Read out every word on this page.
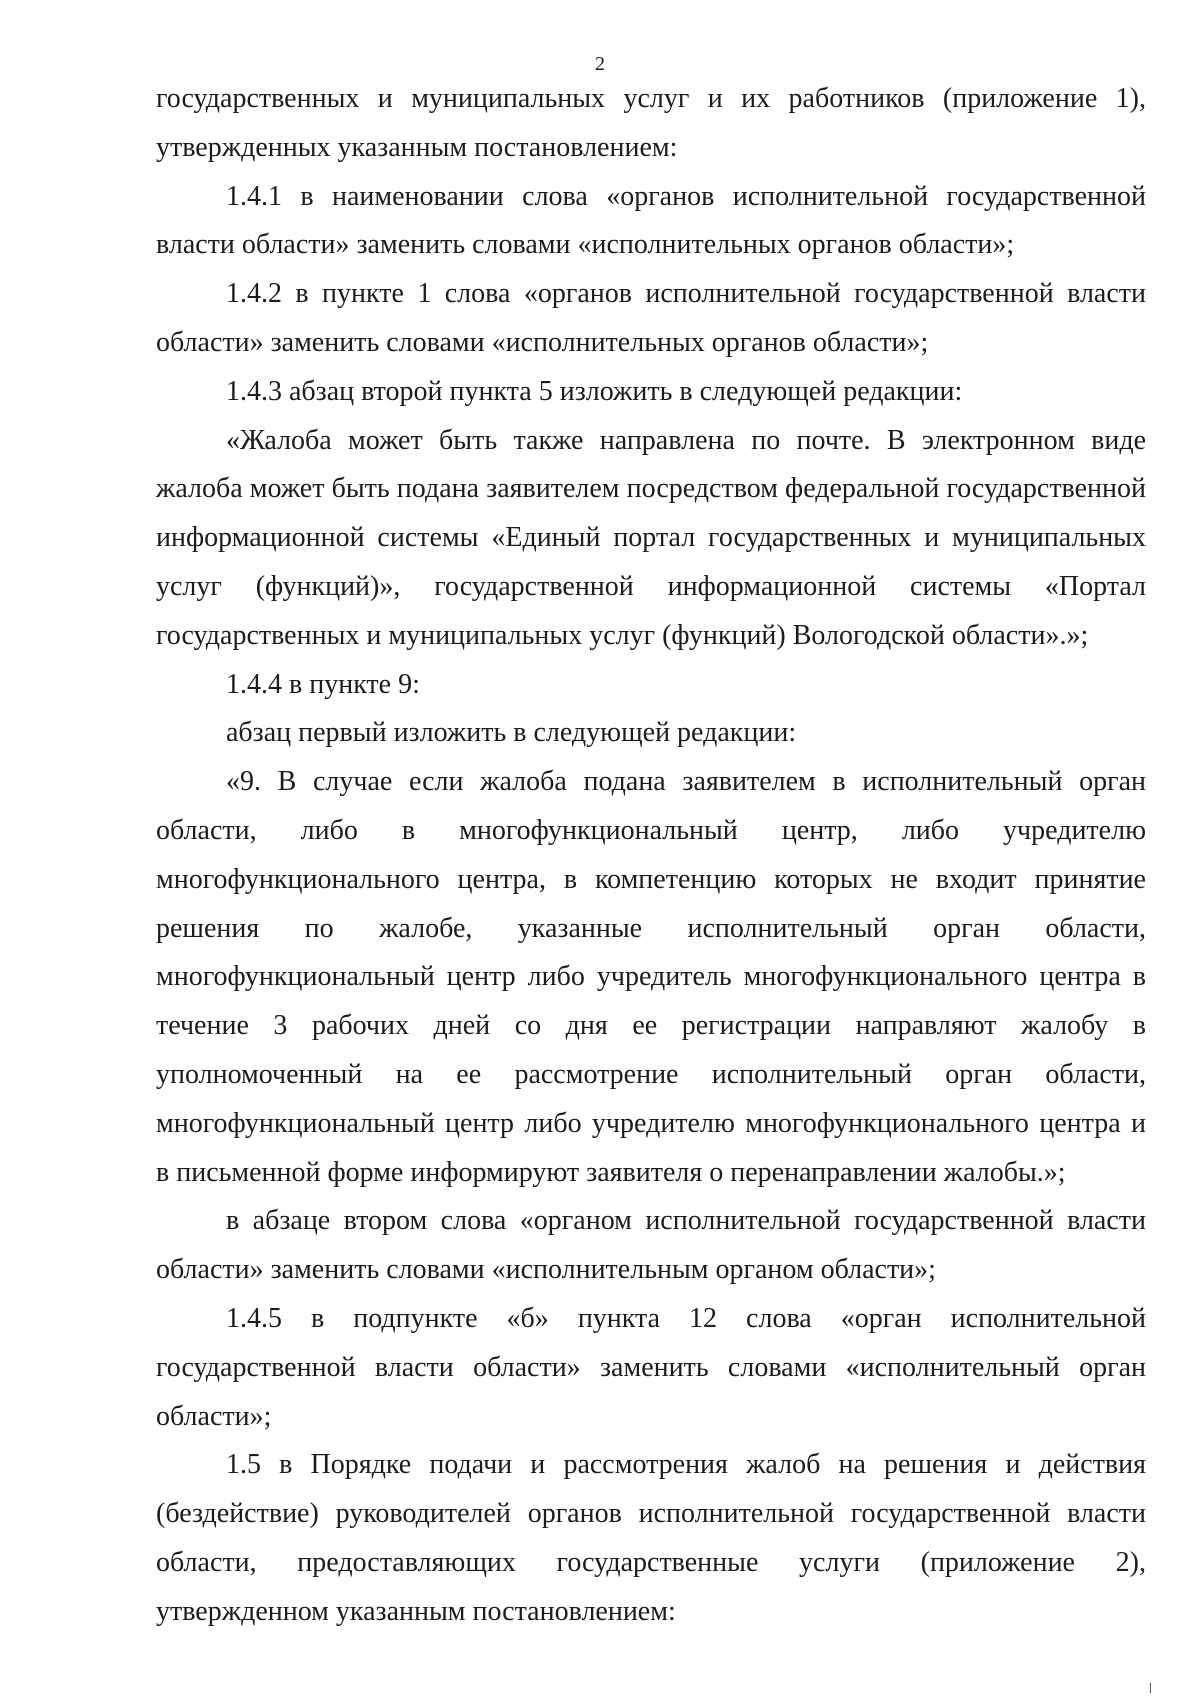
2

государственных и муниципальных услуг и их работников (приложение 1), утвержденных указанным постановлением:

1.4.1 в наименовании слова «органов исполнительной государственной власти области» заменить словами «исполнительных органов области»;

1.4.2 в пункте 1 слова «органов исполнительной государственной власти области» заменить словами «исполнительных органов области»;

1.4.3 абзац второй пункта 5 изложить в следующей редакции:

«Жалоба может быть также направлена по почте. В электронном виде жалоба может быть подана заявителем посредством федеральной государственной информационной системы «Единый портал государственных и муниципальных услуг (функций)», государственной информационной системы «Портал государственных и муниципальных услуг (функций) Вологодской области».»;

1.4.4 в пункте 9:

абзац первый изложить в следующей редакции:

«9. В случае если жалоба подана заявителем в исполнительный орган области, либо в многофункциональный центр, либо учредителю многофункционального центра, в компетенцию которых не входит принятие решения по жалобе, указанные исполнительный орган области, многофункциональный центр либо учредитель многофункционального центра в течение 3 рабочих дней со дня ее регистрации направляют жалобу в уполномоченный на ее рассмотрение исполнительный орган области, многофункциональный центр либо учредителю многофункционального центра и в письменной форме информируют заявителя о перенаправлении жалобы.»;

в абзаце втором слова «органом исполнительной государственной власти области» заменить словами «исполнительным органом области»;

1.4.5 в подпункте «б» пункта 12 слова «орган исполнительной государственной власти области» заменить словами «исполнительный орган области»;

1.5 в Порядке подачи и рассмотрения жалоб на решения и действия (бездействие) руководителей органов исполнительной государственной власти области, предоставляющих государственные услуги (приложение 2), утвержденном указанным постановлением:
